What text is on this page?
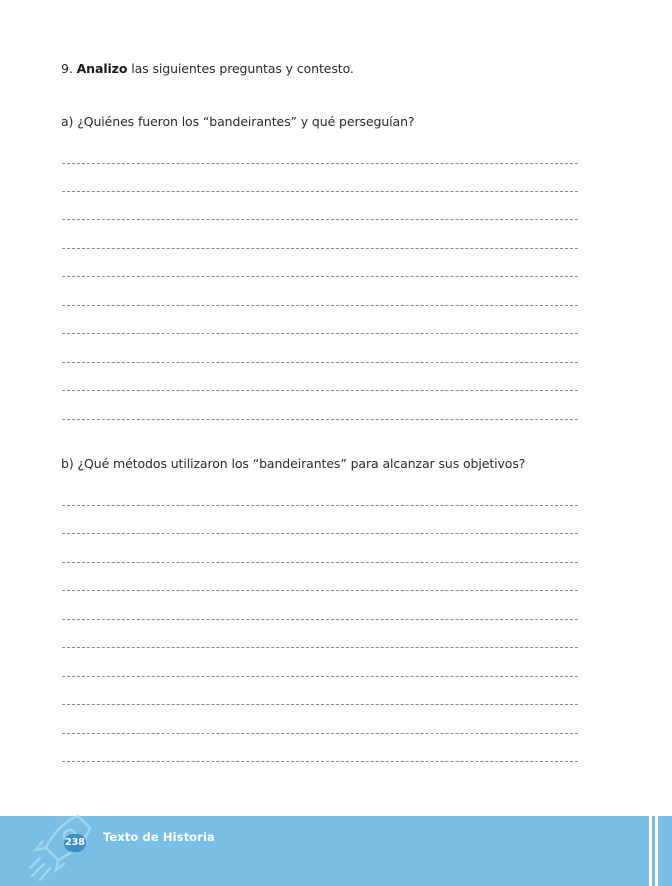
9. Analizo las siguientes preguntas y contesto.
a) ¿Quiénes fueron los “bandeirantes” y qué perseguían?
b) ¿Qué métodos utilizaron los “bandeirantes” para alcanzar sus objetivos?
238 Texto de Historia
